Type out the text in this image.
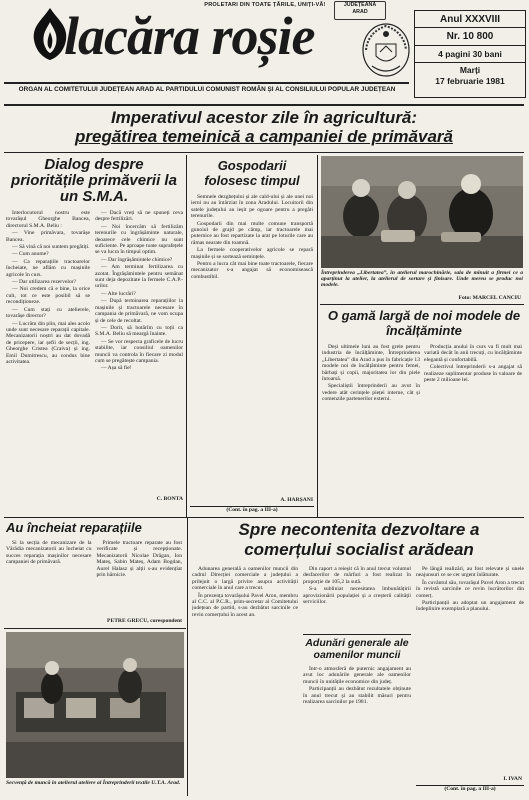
PROLETARI DIN TOATE ȚĂRILE, UNIȚI-VĂ!	JUDEȚEANĂ
ARAD
lacăra roșie	Anul XXXVIII
Nr. 10 800
4 pagini 30 bani
Marți
17 februarie 1981
ORGAN AL COMITETULUI JUDEȚEAN ARAD AL PARTIDULUI COMUNIST ROMÂN ȘI AL CONSILIULUI POPULAR JUDEȚEAN
Imperativul acestor zile în agricultură:
pregătirea temeinică a campaniei de primăvară
Dialog despre prioritățile primăverii la un S.M.A.

Interlocutorul nostru este tovarășul Gheorghe Bancea, directorul S.M.A. Beliu :

— Vine primăvara, tovarășe Bancea.

— Să vină că noi suntem pregătiți.

— Cum anume?

— Ca reparațiile tractoarelor încheiate, ne aflăm cu mașinile agricole în curs.

— Dar utilizarea rezervelor?

— Noi credem că e bine, la orice cult, tot ce este posibil să se recondiționeze.

— Cum stați cu atelierele, tovarășe director?

— Lucrăm din plin, mai ales acolo unde sunt necesare reparații capitale. Mecanizatorii noștri au dat dovadă de pricepere, iar șefii de secții, ing. Gheorghe Cristea (Craiva) și ing. Emil Dumitrescu, au condus bine activitatea.

— Dacă vreți să ne spuneți ceva despre fertilizări.

— Noi încercăm să fertilizăm terenurile cu îngrășăminte naturale, deoarece cele chimice nu sunt suficiente. Pe aproape toate suprafețele se va lucra în timpul optim.

— Dar îngrășămintele chimice?

— Am terminat fertilizarea cu azotat. Îngrășămintele pentru semănat sunt deja depozitate la fermele C.A.P.-urilor.

— Alte lucrări?

— După terminarea reparațiilor la mașinile și tractoarele necesare în campania de primăvară, ne vom ocupa și de cele de recoltat.

— Dorit, să hotărîm cu toții ca S.M.A. Beliu să meargă înainte.

— Se vor respecta graficele de lucru stabilite, iar consiliul oamenilor muncii va controla în fiecare zi modul cum se pregătește campania.

— Așa să fie!

C. BONTA
Gospodarii folosesc timpul

Semnele dezghețului și ale cald-ului și ale unei noi ierni nu au întârziat în zona Aradului. Locuitorii din satele județului au ieșit pe ogoare pentru a pregăti terenurile.

Gospodarii din mai multe comune transportă gunoiul de grajd pe câmp, iar tractoarele mai puternice au fost repartizate la arat pe loturile care au rămas nearate din toamnă.

La fermele cooperativelor agricole se repară mașinile și se sortează semințele.

Pentru a lucra cât mai bine toate tractoarele, fiecare mecanizator s-a angajat să economisească combustibil.

A. HARȘANI
(Cont. în pag. a III-a)
Întreprinderea „Libertatea”, în atelierul marochinărie, sala de mînuit a firmei ce a aparținut la atelier, la atelierul de sortare și finisare. Unde mereu se produc noi modele.
Foto: MARCEL CANCIU
O gamă largă de noi modele de încălțăminte

Deși ultimele luni au fost grele pentru industria de încălțăminte, Întreprinderea „Libertatea” din Arad a pus în fabricație 13 modele noi de încălțăminte pentru femei, bărbați și copii, majoritatea lor din piele întoarsă.

Specialiștii întreprinderii au avut în vedere atât cerințele pieței interne, cât și comenzile partenerilor externi.

Producția anului în curs va fi mult mai variată decât în anii trecuți, cu încălțăminte elegantă și confortabilă.

Colectivul întreprinderii s-a angajat să realizeze suplimentar produse în valoare de peste 2 milioane lei.

Au încheiat reparațiile

Si la secția de mecanizare de la Vărădia mecanizatorii au încheiat cu succes reparația mașinilor necesare campaniei de primăvară.

Primele tractoare reparate au fost verificate și recepționate. Mecanizatorii Nicolae Drăgan, Ion Mateș, Sabin Mateș, Adam Bogdan, Aurel Halasz și alții s-au evidențiat prin hărnicie.

PETRE GRECU, corespondent
Secvență de muncă în atelierul ateliere al Întreprinderii textile U.T.A. Arad.
Spre necontenita dezvoltare a comerțului socialist arădean

Adunarea generală a oamenilor muncii din cadrul Direcției comerciale a județului a prilejuit o largă privire asupra activității comerciale în anul care a trecut.

În prezența tovarășului Pavel Aron, membru al C.C. al P.C.R., prim-secretar al Comitetului județean de partid, s-au dezbătut sarcinile ce revin comerțului în acest an.

Din raport a reieșit că în anul trecut volumul desfacerilor de mărfuri a fost realizat în proporție de 105,2 la sută.

S-a subliniat necesitatea îmbunătățirii aprovizionării populației și a creșterii calității serviciilor.

Adunări generale ale oamenilor muncii

Într-o atmosferă de puternic angajament au avut loc adunările generale ale oamenilor muncii în unitățile economice din județ.

Participanții au dezbătut rezultatele obținute în anul trecut și au stabilit măsuri pentru realizarea sarcinilor pe 1981.

Pe lângă realizări, au fost relevate și unele neajunsuri ce se cer urgent înlăturate.

În cuvântul său, tovarășul Pavel Aron a trecut în revistă sarcinile ce revin lucrătorilor din comerț.

Participanții au adoptat un angajament de îndeplinire exemplară a planului.

I. IVAN
(Cont. în pag. a III-a)
